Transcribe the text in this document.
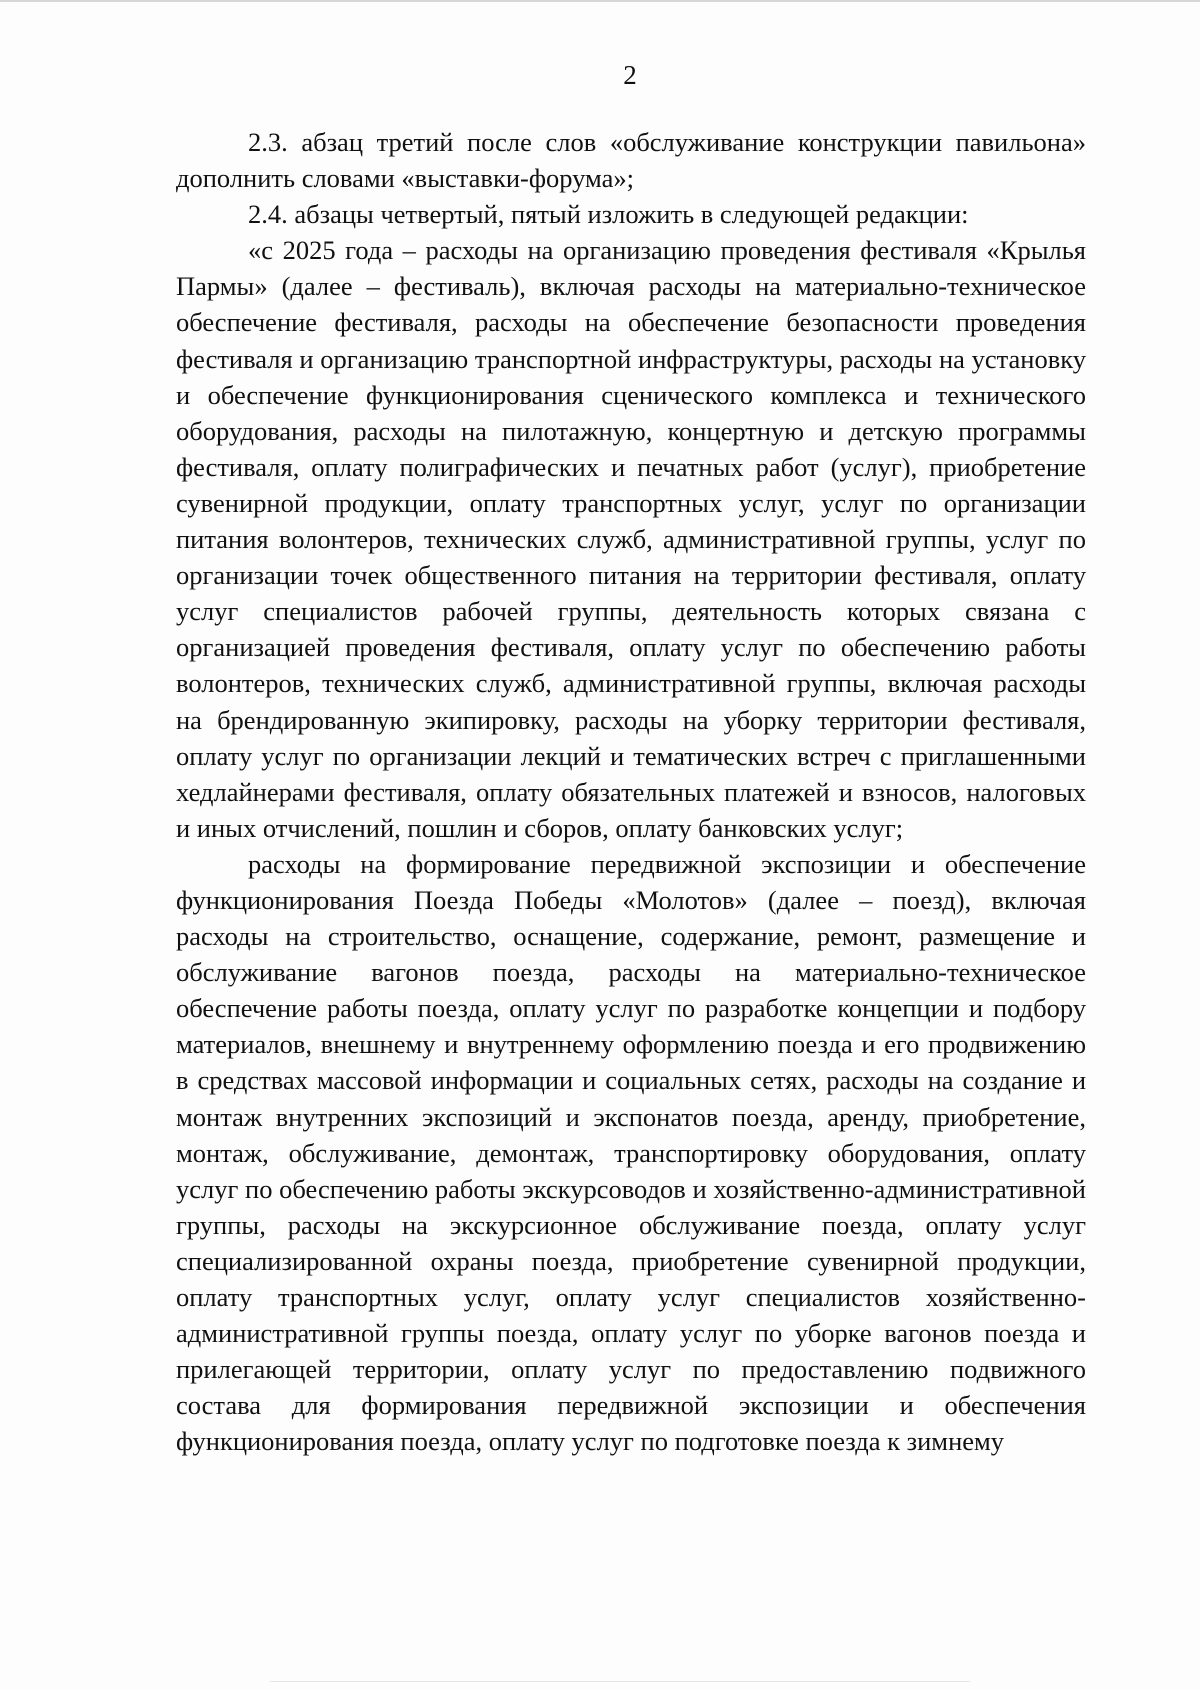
2

2.3. абзац третий после слов «обслуживание конструкции павильона» дополнить словами «выставки-форума»;

2.4. абзацы четвертый, пятый изложить в следующей редакции:

«с 2025 года – расходы на организацию проведения фестиваля «Крылья Пармы» (далее – фестиваль), включая расходы на материально-техническое обеспечение фестиваля, расходы на обеспечение безопасности проведения фестиваля и организацию транспортной инфраструктуры, расходы на установку и обеспечение функционирования сценического комплекса и технического оборудования, расходы на пилотажную, концертную и детскую программы фестиваля, оплату полиграфических и печатных работ (услуг), приобретение сувенирной продукции, оплату транспортных услуг, услуг по организации питания волонтеров, технических служб, административной группы, услуг по организации точек общественного питания на территории фестиваля, оплату услуг специалистов рабочей группы, деятельность которых связана с организацией проведения фестиваля, оплату услуг по обеспечению работы волонтеров, технических служб, административной группы, включая расходы на брендированную экипировку, расходы на уборку территории фестиваля, оплату услуг по организации лекций и тематических встреч с приглашенными хедлайнерами фестиваля, оплату обязательных платежей и взносов, налоговых и иных отчислений, пошлин и сборов, оплату банковских услуг;

расходы на формирование передвижной экспозиции и обеспечение функционирования Поезда Победы «Молотов» (далее – поезд), включая расходы на строительство, оснащение, содержание, ремонт, размещение и обслуживание вагонов поезда, расходы на материально-техническое обеспечение работы поезда, оплату услуг по разработке концепции и подбору материалов, внешнему и внутреннему оформлению поезда и его продвижению в средствах массовой информации и социальных сетях, расходы на создание и монтаж внутренних экспозиций и экспонатов поезда, аренду, приобретение, монтаж, обслуживание, демонтаж, транспортировку оборудования, оплату услуг по обеспечению работы экскурсоводов и хозяйственно-административной группы, расходы на экскурсионное обслуживание поезда, оплату услуг специализированной охраны поезда, приобретение сувенирной продукции, оплату транспортных услуг, оплату услуг специалистов хозяйственно-административной группы поезда, оплату услуг по уборке вагонов поезда и прилегающей территории, оплату услуг по предоставлению подвижного состава для формирования передвижной экспозиции и обеспечения функционирования поезда, оплату услуг по подготовке поезда к зимнему
